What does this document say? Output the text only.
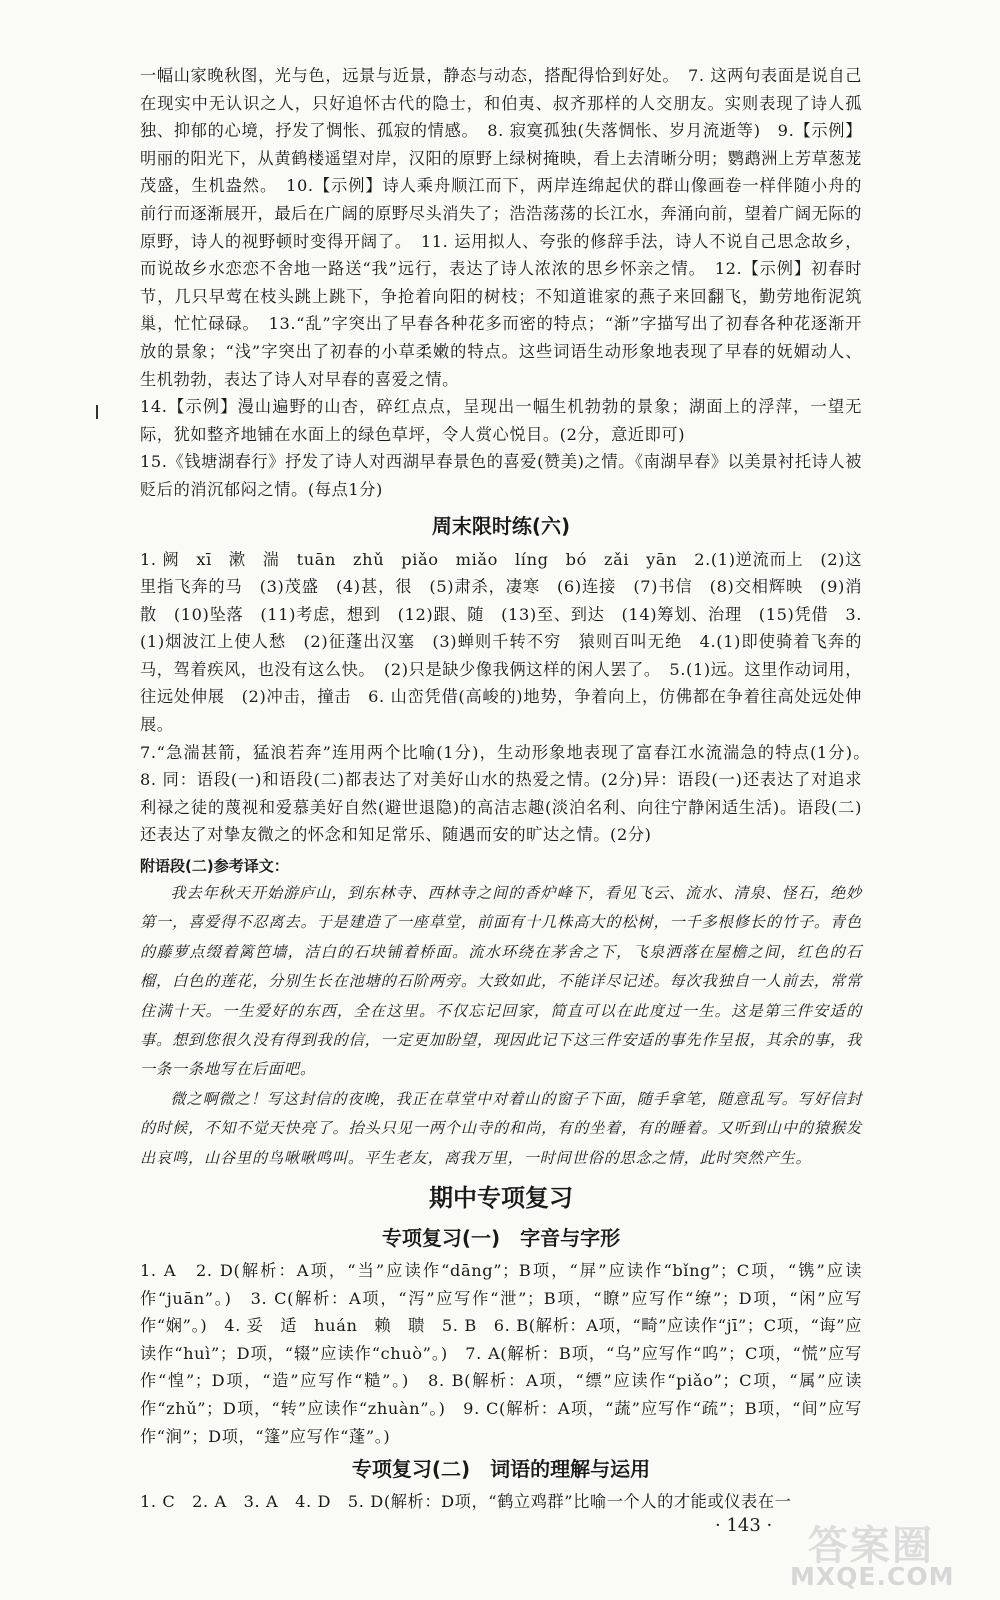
一幅山家晚秋图，光与色，远景与近景，静态与动态，搭配得恰到好处。　7. 这两句表面是说自己在现实中无认识之人，只好追怀古代的隐士，和伯夷、叔齐那样的人交朋友。实则表现了诗人孤独、抑郁的心境，抒发了惆怅、孤寂的情感。　8. 寂寞孤独(失落惆怅、岁月流逝等)　9.【示例】明丽的阳光下，从黄鹤楼遥望对岸，汉阳的原野上绿树掩映，看上去清晰分明；鹦鹉洲上芳草葱茏茂盛，生机盎然。　10.【示例】诗人乘舟顺江而下，两岸连绵起伏的群山像画卷一样伴随小舟的前行而逐渐展开，最后在广阔的原野尽头消失了；浩浩荡荡的长江水，奔涌向前，望着广阔无际的原野，诗人的视野顿时变得开阔了。　11. 运用拟人、夸张的修辞手法，诗人不说自己思念故乡，而说故乡水恋恋不舍地一路送“我”远行，表达了诗人浓浓的思乡怀亲之情。　12.【示例】初春时节，几只早莺在枝头跳上跳下，争抢着向阳的树枝；不知道谁家的燕子来回翻飞，勤劳地衔泥筑巢，忙忙碌碌。　13.“乱”字突出了早春各种花多而密的特点；“渐”字描写出了初春各种花逐渐开放的景象；“浅”字突出了初春的小草柔嫩的特点。这些词语生动形象地表现了早春的妩媚动人、生机勃勃，表达了诗人对早春的喜爱之情。

14.【示例】漫山遍野的山杏，碎红点点，呈现出一幅生机勃勃的景象；湖面上的浮萍，一望无际，犹如整齐地铺在水面上的绿色草坪，令人赏心悦目。(2分，意近即可)

15.《钱塘湖春行》抒发了诗人对西湖早春景色的喜爱(赞美)之情。《南湖早春》以美景衬托诗人被贬后的消沉郁闷之情。(每点1分)

周末限时练(六)

1. 阙　xī　漱　湍　tuān　zhǔ　piǎo　miǎo　líng　bó　zǎi　yān　2.(1)逆流而上　(2)这里指飞奔的马　(3)茂盛　(4)甚，很　(5)肃杀，凄寒　(6)连接　(7)书信　(8)交相辉映　(9)消散　(10)坠落　(11)考虑，想到　(12)跟、随　(13)至、到达　(14)筹划、治理　(15)凭借　3.(1)烟波江上使人愁　(2)征蓬出汉塞　(3)蝉则千转不穷　猿则百叫无绝　4.(1)即使骑着飞奔的马，驾着疾风，也没有这么快。　(2)只是缺少像我俩这样的闲人罢了。　5.(1)远。这里作动词用，往远处伸展　(2)冲击，撞击　6. 山峦凭借(高峻的)地势，争着向上，仿佛都在争着往高处远处伸展。

7.“急湍甚箭，猛浪若奔”连用两个比喻(1分)，生动形象地表现了富春江水流湍急的特点(1分)。　8. 同：语段(一)和语段(二)都表达了对美好山水的热爱之情。(2分)异：语段(一)还表达了对追求利禄之徒的蔑视和爱慕美好自然(避世退隐)的高洁志趣(淡泊名利、向往宁静闲适生活)。语段(二)还表达了对挚友微之的怀念和知足常乐、随遇而安的旷达之情。(2分)

附语段(二)参考译文：

我去年秋天开始游庐山，到东林寺、西林寺之间的香炉峰下，看见飞云、流水、清泉、怪石，绝妙第一，喜爱得不忍离去。于是建造了一座草堂，前面有十几株高大的松树，一千多根修长的竹子。青色的藤萝点缀着篱笆墙，洁白的石块铺着桥面。流水环绕在茅舍之下，飞泉洒落在屋檐之间，红色的石榴，白色的莲花，分别生长在池塘的石阶两旁。大致如此，不能详尽记述。每次我独自一人前去，常常住满十天。一生爱好的东西，全在这里。不仅忘记回家，简直可以在此度过一生。这是第三件安适的事。想到您很久没有得到我的信，一定更加盼望，现因此记下这三件安适的事先作呈报，其余的事，我一条一条地写在后面吧。

微之啊微之！写这封信的夜晚，我正在草堂中对着山的窗子下面，随手拿笔，随意乱写。写好信封的时候，不知不觉天快亮了。抬头只见一两个山寺的和尚，有的坐着，有的睡着。又听到山中的猿猴发出哀鸣，山谷里的鸟啾啾鸣叫。平生老友，离我万里，一时间世俗的思念之情，此时突然产生。

期中专项复习
专项复习(一)　字音与字形

1. A　2. D(解析：A项，“当”应读作“dāng”；B项，“屏”应读作“bǐng”；C项，“镌”应读作“juān”。)　3. C(解析：A项，“泻”应写作“泄”；B项，“瞭”应写作“缭”；D项，“闲”应写作“娴”。)　4. 妥　适　huán　赖　聩　5. B　6. B(解析：A项，“畸”应读作“jī”；C项，“诲”应读作“huì”；D项，“辍”应读作“chuò”。)　7. A(解析：B项，“乌”应写作“呜”；C项，“慌”应写作“惶”；D项，“造”应写作“糙”。)　8. B(解析：A项，“缥”应读作“piǎo”；C项，“属”应读作“zhǔ”；D项，“转”应读作“zhuàn”。)　9. C(解析：A项，“蔬”应写作“疏”；B项，“间”应写作“涧”；D项，“篷”应写作“蓬”。)

专项复习(二)　词语的理解与运用

1. C　2. A　3. A　4. D　5. D(解析：D项，“鹤立鸡群”比喻一个人的才能或仪表在一

· 143 · 答案圈
MXQE.COM
